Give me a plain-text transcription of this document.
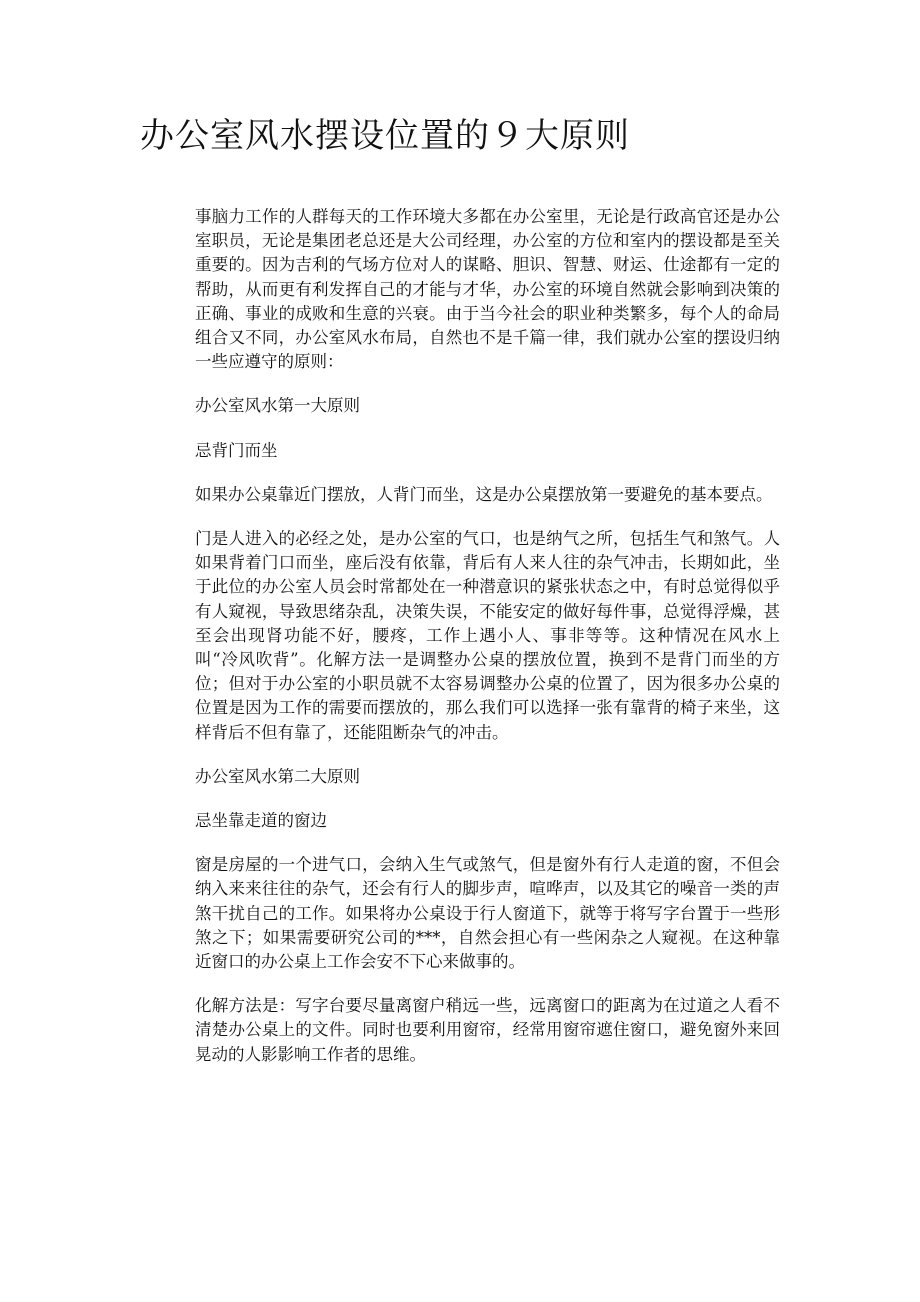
办公室风水摆设位置的９大原则

事脑力工作的人群每天的工作环境大多都在办公室里，无论是行政高官还是办公室职员，无论是集团老总还是大公司经理，办公室的方位和室内的摆设都是至关重要的。因为吉利的气场方位对人的谋略、胆识、智慧、财运、仕途都有一定的帮助，从而更有利发挥自己的才能与才华，办公室的环境自然就会影响到决策的正确、事业的成败和生意的兴衰。由于当今社会的职业种类繁多，每个人的命局组合又不同，办公室风水布局，自然也不是千篇一律，我们就办公室的摆设归纳一些应遵守的原则：

办公室风水第一大原则

忌背门而坐

如果办公桌靠近门摆放，人背门而坐，这是办公桌摆放第一要避免的基本要点。

门是人进入的必经之处，是办公室的气口，也是纳气之所，包括生气和煞气。人如果背着门口而坐，座后没有依靠，背后有人来人往的杂气冲击，长期如此，坐于此位的办公室人员会时常都处在一种潜意识的紧张状态之中，有时总觉得似乎有人窥视，导致思绪杂乱，决策失误，不能安定的做好每件事，总觉得浮燥，甚至会出现肾功能不好，腰疼，工作上遇小人、事非等等。这种情况在风水上叫“冷风吹背”。化解方法一是调整办公桌的摆放位置，换到不是背门而坐的方位；但对于办公室的小职员就不太容易调整办公桌的位置了，因为很多办公桌的位置是因为工作的需要而摆放的，那么我们可以选择一张有靠背的椅子来坐，这样背后不但有靠了，还能阻断杂气的冲击。

办公室风水第二大原则

忌坐靠走道的窗边

窗是房屋的一个进气口，会纳入生气或煞气，但是窗外有行人走道的窗，不但会纳入来来往往的杂气，还会有行人的脚步声，喧哗声，以及其它的噪音一类的声煞干扰自己的工作。如果将办公桌设于行人窗道下，就等于将写字台置于一些形煞之下；如果需要研究公司的***，自然会担心有一些闲杂之人窥视。在这种靠近窗口的办公桌上工作会安不下心来做事的。

化解方法是：写字台要尽量离窗户稍远一些，远离窗口的距离为在过道之人看不清楚办公桌上的文件。同时也要利用窗帘，经常用窗帘遮住窗口，避免窗外来回晃动的人影影响工作者的思维。
